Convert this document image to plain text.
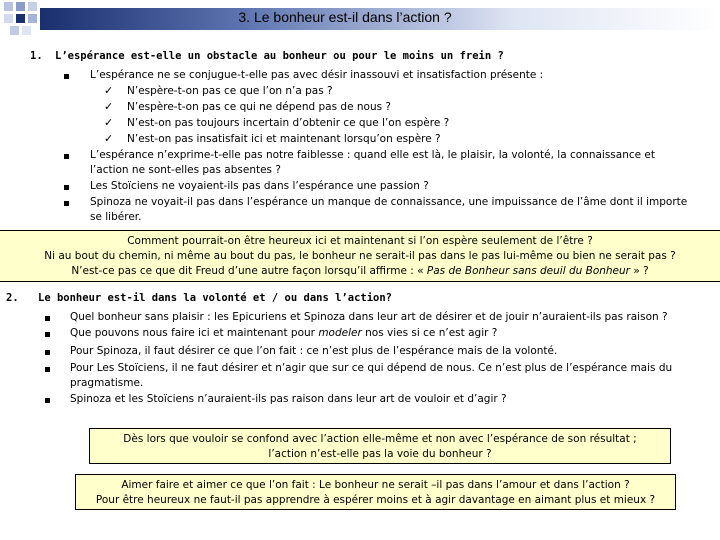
3. Le bonheur est-il dans l’action ?
1. L’espérance est-elle un obstacle au bonheur ou pour le moins un frein ?
L’espérance ne se conjugue-t-elle pas avec désir inassouvi et insatisfaction présente :
✓ N’espère-t-on pas ce que l’on n’a pas ?
✓ N’espère-t-on pas ce qui ne dépend pas de nous ?
✓ N’est-on pas toujours incertain d’obtenir ce que l’on espère ?
✓ N’est-on pas insatisfait ici et maintenant lorsqu’on espère ?
L’espérance n’exprime-t-elle pas notre faiblesse : quand elle est là, le plaisir, la volonté, la connaissance et
l’action ne sont-elles pas absentes ?
Les Stoïciens ne voyaient-ils pas dans l’espérance une passion ?
Spinoza ne voyait-il pas dans l’espérance un manque de connaissance, une impuissance de l’âme dont il importe
se libérer.
Comment pourrait-on être heureux ici et maintenant si l’on espère seulement de l’être ?
Ni au bout du chemin, ni même au bout du pas, le bonheur ne serait-il pas dans le pas lui-même ou bien ne serait pas ?
N’est-ce pas ce que dit Freud d’une autre façon lorsqu’il affirme : « Pas de Bonheur sans deuil du Bonheur » ?
2. Le bonheur est-il dans la volonté et / ou dans l’action?
Quel bonheur sans plaisir : les Epicuriens et Spinoza dans leur art de désirer et de jouir n’auraient-ils pas raison ?
Que pouvons nous faire ici et maintenant pour modeler nos vies si ce n’est agir ?
Pour Spinoza, il faut désirer ce que l’on fait : ce n’est plus de l’espérance mais de la volonté.
Pour Les Stoïciens, il ne faut désirer et n’agir que sur ce qui dépend de nous. Ce n’est plus de l’espérance mais du
pragmatisme.
Spinoza et les Stoïciens n’auraient-ils pas raison dans leur art de vouloir et d’agir ?
Dès lors que vouloir se confond avec l’action elle-même et non avec l’espérance de son résultat ;
l’action n’est-elle pas la voie du bonheur ?
Aimer faire et aimer ce que l’on fait : Le bonheur ne serait –il pas dans l’amour et dans l’action ?
Pour être heureux ne faut-il pas apprendre à espérer moins et à agir davantage en aimant plus et mieux ?
